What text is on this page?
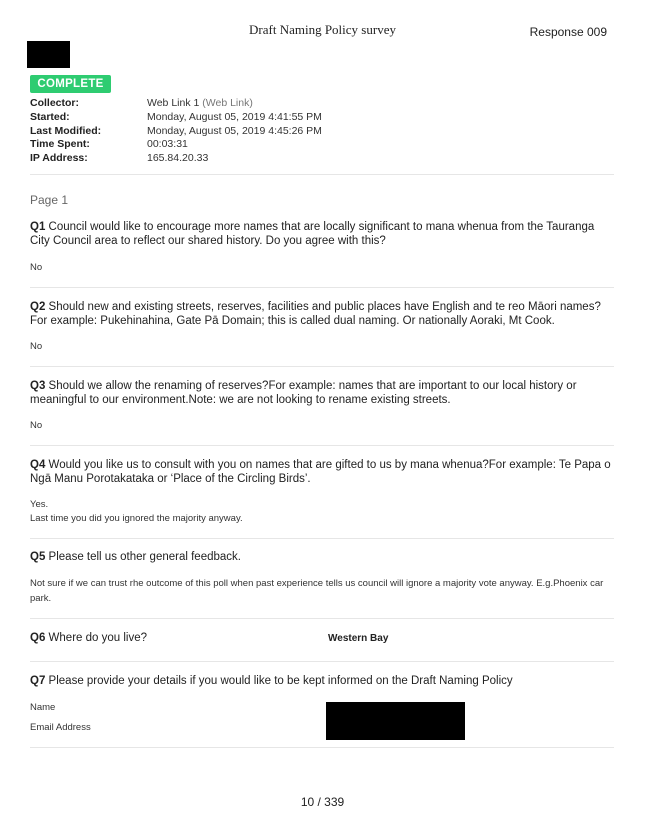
Draft Naming Policy survey	Response 009
COMPLETE
Collector:	Web Link 1 (Web Link)
Started:	Monday, August 05, 2019 4:41:55 PM
Last Modified:	Monday, August 05, 2019 4:45:26 PM
Time Spent:	00:03:31
IP Address:	165.84.20.33
Page 1
Q1 Council would like to encourage more names that are locally significant to mana whenua from the Tauranga City Council area to reflect our shared history. Do you agree with this?
No
Q2 Should new and existing streets, reserves, facilities and public places have English and te reo Māori names?For example: Pukehinahina, Gate Pā Domain; this is called dual naming. Or nationally Aoraki, Mt Cook.
No
Q3 Should we allow the renaming of reserves?For example: names that are important to our local history or meaningful to our environment.Note: we are not looking to rename existing streets.
No
Q4 Would you like us to consult with you on names that are gifted to us by mana whenua?For example: Te Papa o Ngā Manu Porotakataka or ‘Place of the Circling Birds’.
Yes.
Last time you did you ignored the majority anyway.
Q5 Please tell us other general feedback.
Not sure if we can trust rhe outcome of this poll when past experience tells us council will ignore a majority vote anyway. E.g.Phoenix car park.
Q6 Where do you live?	Western Bay
Q7 Please provide your details if you would like to be kept informed on the Draft Naming Policy
Name
Email Address
10 / 339
